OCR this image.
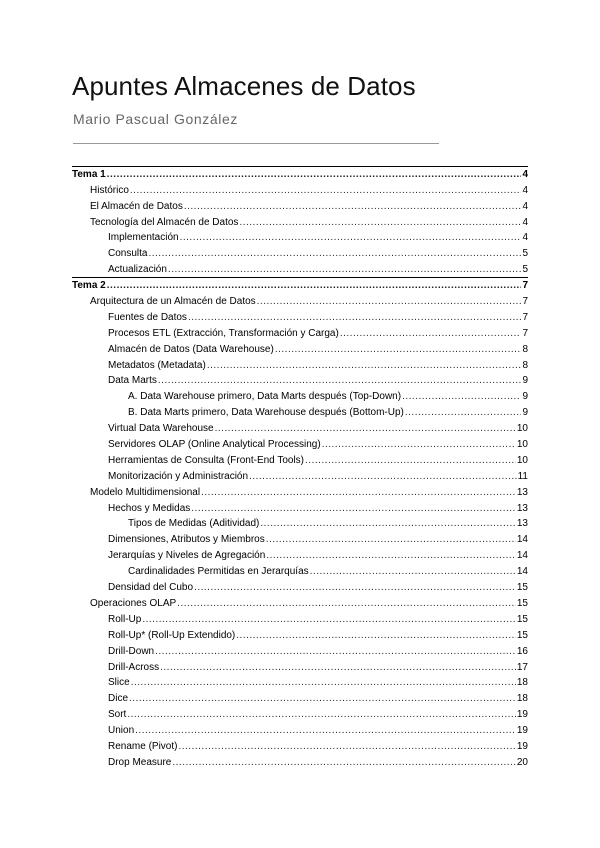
Apuntes Almacenes de Datos
Mario Pascual González
Tema 1 .....	4
Histórico .....	4
El Almacén de Datos .....	4
Tecnología del Almacén de Datos .....	4
Implementación .....	4
Consulta .....	5
Actualización .....	5
Tema 2 .....	7
Arquitectura de un Almacén de Datos .....	7
Fuentes de Datos .....	7
Procesos ETL (Extracción, Transformación y Carga) .....	7
Almacén de Datos (Data Warehouse) .....	8
Metadatos (Metadata) .....	8
Data Marts .....	9
A. Data Warehouse primero, Data Marts después (Top-Down) .....	9
B. Data Marts primero, Data Warehouse después (Bottom-Up) .....	9
Virtual Data Warehouse .....	10
Servidores OLAP (Online Analytical Processing) .....	10
Herramientas de Consulta (Front-End Tools) .....	10
Monitorización y Administración .....	11
Modelo Multidimensional .....	13
Hechos y Medidas .....	13
Tipos de Medidas (Aditividad) .....	13
Dimensiones, Atributos y Miembros .....	14
Jerarquías y Niveles de Agregación .....	14
Cardinalidades Permitidas en Jerarquías .....	14
Densidad del Cubo .....	15
Operaciones OLAP .....	15
Roll-Up .....	15
Roll-Up* (Roll-Up Extendido) .....	15
Drill-Down .....	16
Drill-Across .....	17
Slice .....	18
Dice .....	18
Sort .....	19
Union .....	19
Rename (Pivot) .....	19
Drop Measure .....	20
